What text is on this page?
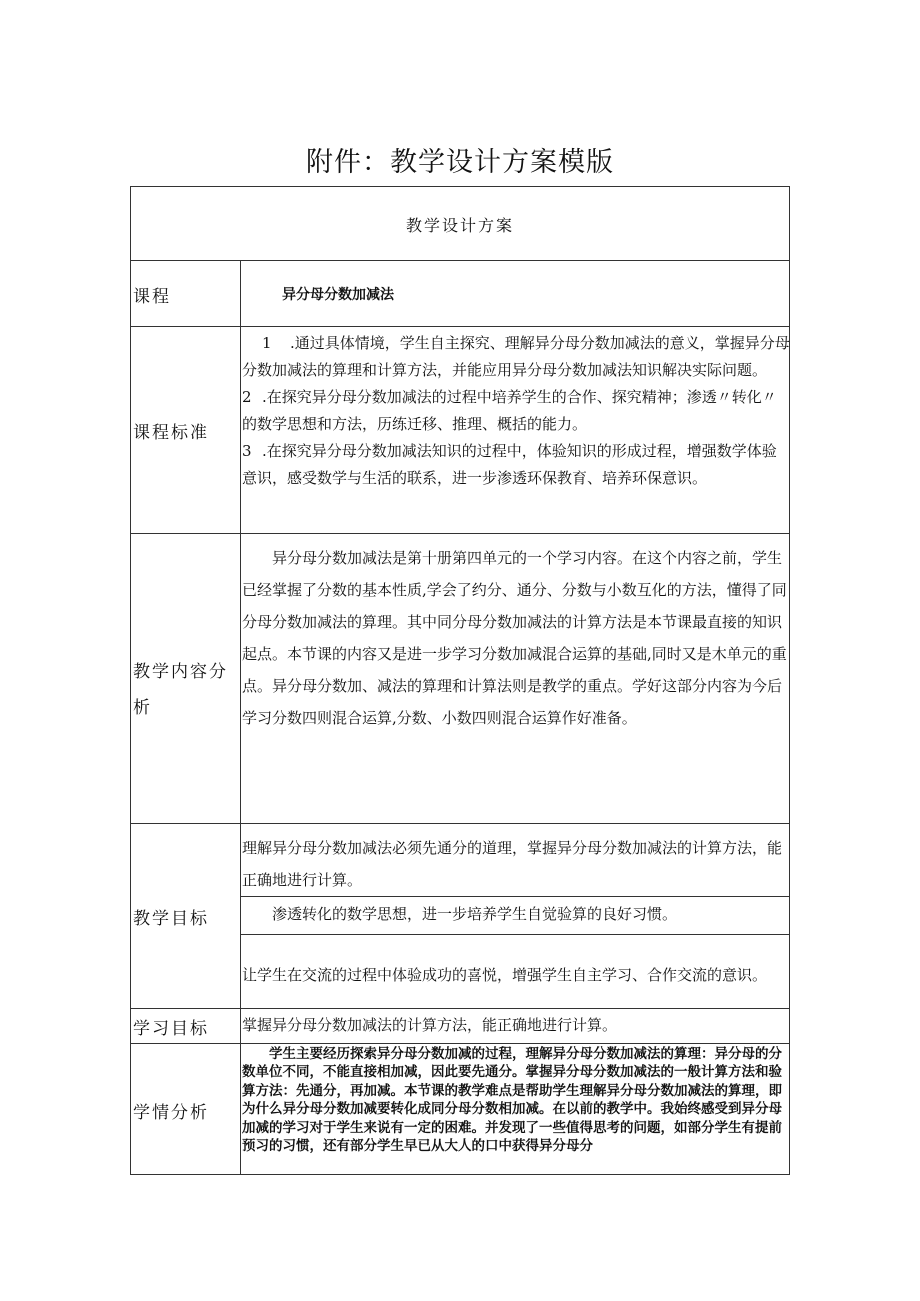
附件：教学设计方案模版
教学设计方案
课程	异分母分数加减法
课程标准
1 .通过具体情境，学生自主探究、理解异分母分数加减法的意义，掌握异分母分数加减法的算理和计算方法，并能应用异分母分数加减法知识解决实际问题。
2 .在探究异分母分数加减法的过程中培养学生的合作、探究精神；渗透〃转化〃的数学思想和方法，历练迁移、推理、概括的能力。
3 .在探究异分母分数加减法知识的过程中，体验知识的形成过程，增强数学体验意识，感受数学与生活的联系，进一步渗透环保教育、培养环保意识。
教学内容分析
异分母分数加减法是第十册第四单元的一个学习内容。在这个内容之前，学生已经掌握了分数的基本性质,学会了约分、通分、分数与小数互化的方法，懂得了同分母分数加减法的算理。其中同分母分数加减法的计算方法是本节课最直接的知识起点。本节课的内容又是进一步学习分数加减混合运算的基础,同时又是木单元的重点。异分母分数加、减法的算理和计算法则是教学的重点。学好这部分内容为今后学习分数四则混合运算,分数、小数四则混合运算作好准备。
教学目标
理解异分母分数加减法必须先通分的道理，掌握异分母分数加减法的计算方法，能正确地进行计算。
渗透转化的数学思想，进一步培养学生自觉验算的良好习惯。
让学生在交流的过程中体验成功的喜悦，增强学生自主学习、合作交流的意识。
学习目标 掌握异分母分数加减法的计算方法，能正确地进行计算。
学情分析
学生主要经历探索异分母分数加减的过程，理解异分母分数加减法的算理：异分母的分数单位不同，不能直接相加减，因此要先通分。掌握异分母分数加减法的一般计算方法和验算方法：先通分，再加减。本节课的教学难点是帮助学生理解异分母分数加减法的算理，即为什么异分母分数加减要转化成同分母分数相加减。在以前的教学中。我始终感受到异分母加减的学习对于学生来说有一定的困难。并发现了一些值得思考的问题，如部分学生有提前预习的习惯，还有部分学生早已从大人的口中获得异分母分
